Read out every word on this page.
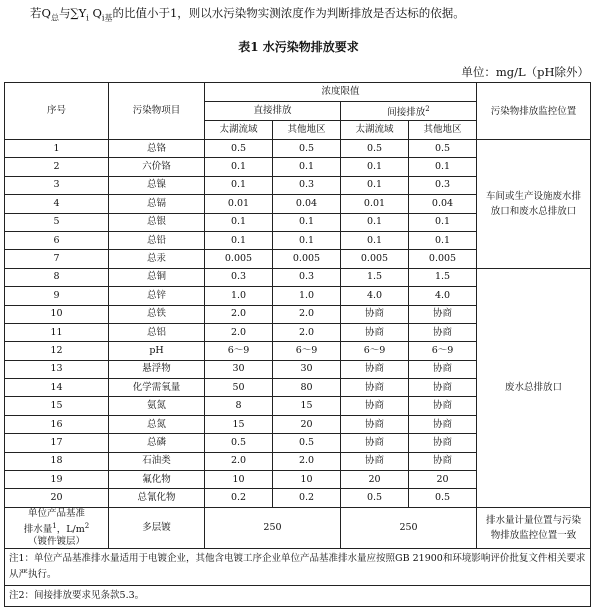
若$Q_总$与$\sum Y_i$ $Q_{i基}$的比值小于1，则以水污染物实测浓度作为判断排放是否达标的依据。
表1 水污染物排放要求
单位：mg/L（pH除外）
序号	污染物项目	浓度限值				污染物排放监控位置
		直接排放		间接排放$^2$
		太湖流域	其他地区	太湖流域	其他地区	
1	总铬	0.5	0.5	0.5	0.5	车间或生产设施废水排放口和废水总排放口
2	六价铬	0.1	0.1	0.1	0.1	
3	总镍	0.1	0.3	0.1	0.3	
4	总镉	0.01	0.04	0.01	0.04	
5	总银	0.1	0.1	0.1	0.1	
6	总铅	0.1	0.1	0.1	0.1	
7	总汞	0.005	0.005	0.005	0.005	
8	总铜	0.3	0.3	1.5	1.5	废水总排放口
9	总锌	1.0	1.0	4.0	4.0	
10	总铁	2.0	2.0	协商	协商	
11	总铝	2.0	2.0	协商	协商	
12	pH	6～9	6～9	6～9	6～9	
13	悬浮物	30	30	协商	协商	
14	化学需氧量	50	80	协商	协商	
15	氨氮	8	15	协商	协商	
16	总氮	15	20	协商	协商	
17	总磷	0.5	0.5	协商	协商	
18	石油类	2.0	2.0	协商	协商	
19	氟化物	10	10	20	20	
20	总氰化物	0.2	0.2	0.5	0.5	
单位产品基准
排水量$^1$，$L/m^2$
（镀件镀层）	多层镀	250		250		排水量计量位置与污染物排放监控位置一致
注1：单位产品基准排水量适用于电镀企业，其他含电镀工序企业单位产品基准排水量应按照GB 21900和环境影响评价批复文件相关要求从严执行。						
注2：间接排放要求见条款5.3。						
